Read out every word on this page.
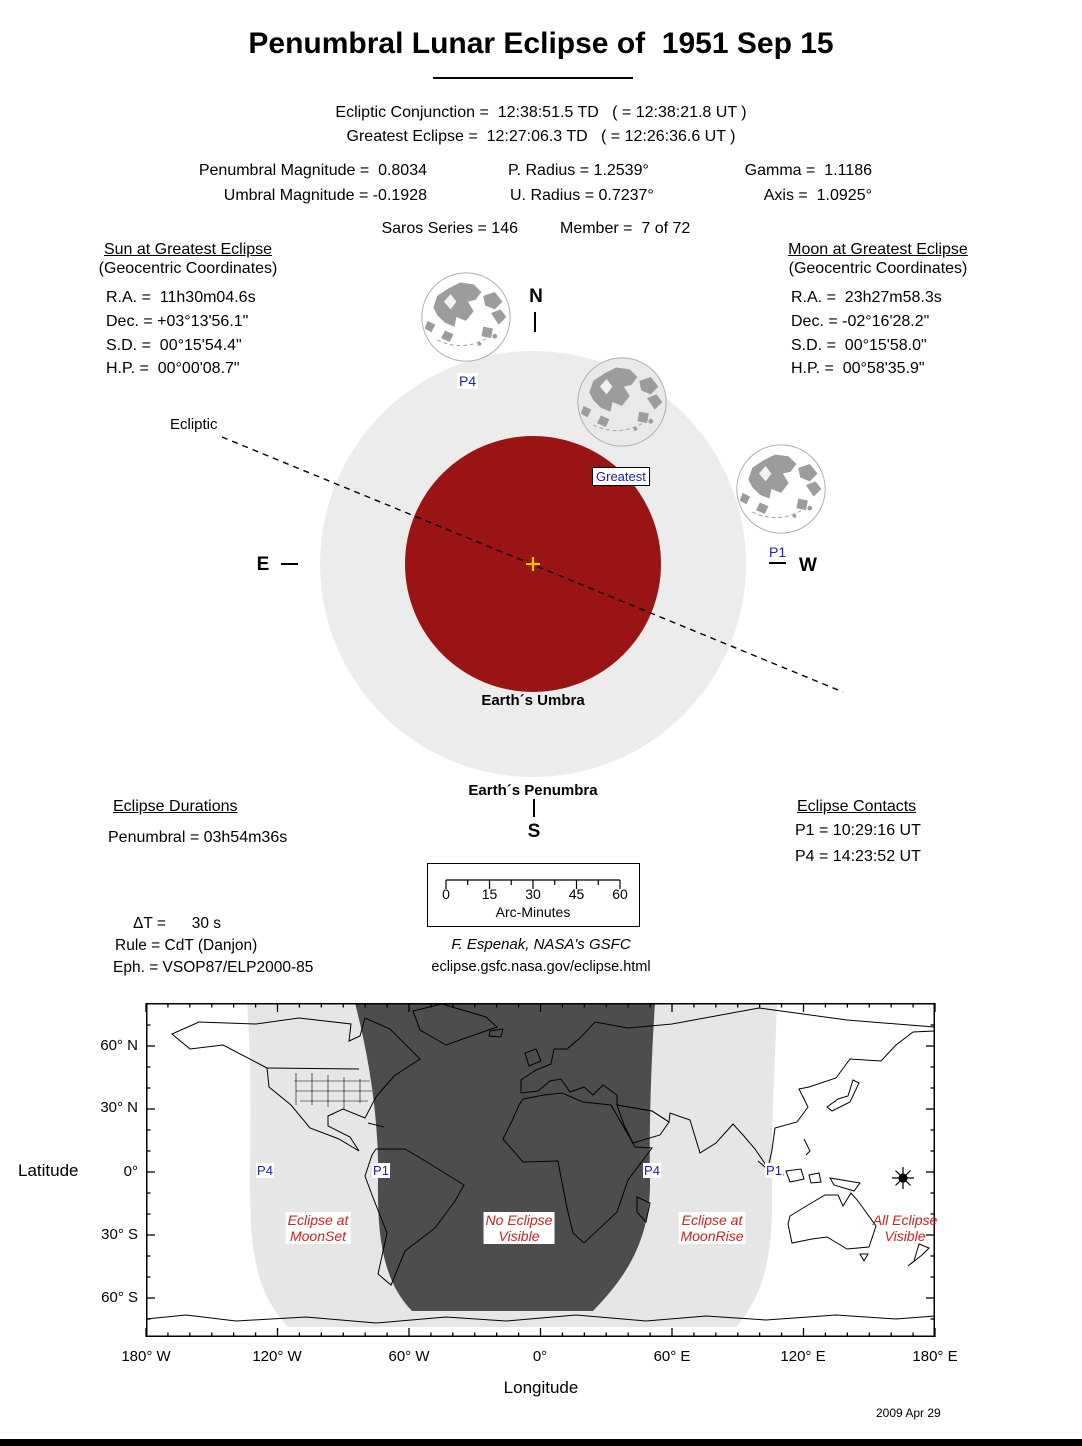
Penumbral Lunar Eclipse of  1951 Sep 15
Ecliptic Conjunction =  12:38:51.5 TD   ( = 12:38:21.8 UT )
Greatest Eclipse =  12:27:06.3 TD   ( = 12:26:36.6 UT )
Penumbral Magnitude =  0.8034	P. Radius = 1.2539°	Gamma =  1.1186
Umbral Magnitude = -0.1928	U. Radius = 0.7237°	Axis =  1.0925°
Saros Series = 146	Member =  7 of 72
Sun at Greatest Eclipse
(Geocentric Coordinates)
R.A. =  11h30m04.6s
Dec. = +03°13'56.1"
S.D. =  00°15'54.4"
H.P. =  00°00'08.7"
Moon at Greatest Eclipse
(Geocentric Coordinates)
R.A. =  23h27m58.3s
Dec. = -02°16'28.2"
S.D. =  00°15'58.0"
H.P. =  00°58'35.9"
N
S
E	W
P1
P4
Greatest
Ecliptic
Earth´s Umbra
Earth´s Penumbra
Eclipse Durations
Penumbral = 03h54m36s
Eclipse Contacts
P1 = 10:29:16 UT
P4 = 14:23:52 UT
0 15 30 45 60
Arc-Minutes
ΔT =      30 s
Rule = CdT (Danjon)
Eph. = VSOP87/ELP2000-85
F. Espenak, NASA's GSFC
eclipse.gsfc.nasa.gov/eclipse.html
Latitude
60° N
30° N
0°
30° S
60° S
180° W	120° W	60° W	0°	60° E	120° E	180° E
Longitude
P4	P1	P4	P1
Eclipse at
MoonSet
No Eclipse
Visible
Eclipse at
MoonRise
All Eclipse
Visible
2009 Apr 29
